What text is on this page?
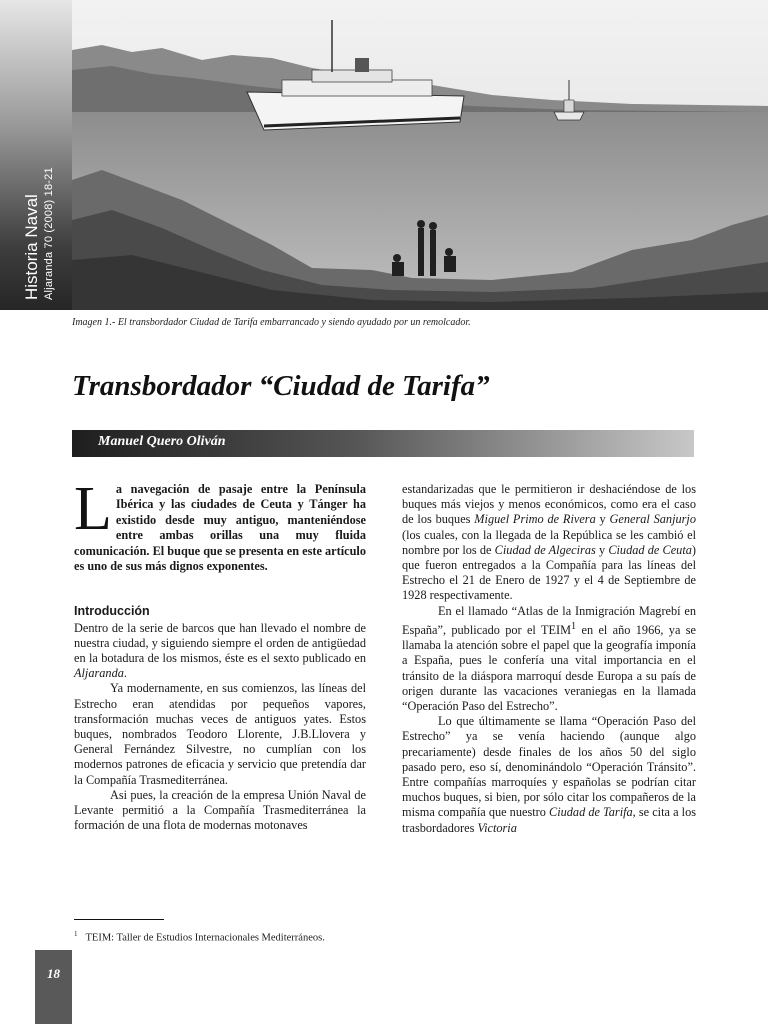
Historia Naval Aljaranda 70 (2008) 18-21
Imagen 1.- El transbordador Ciudad de Tarifa embarrancado y siendo ayudado por un remolcador.
Transbordador “Ciudad de Tarifa”
Manuel Quero Oliván

La navegación de pasaje entre la Península Ibérica y las ciudades de Ceuta y Tánger ha existido desde muy antiguo, manteniéndose entre ambas orillas una muy fluida comunicación. El buque que se presenta en este artículo es uno de sus más dignos exponentes.

Introducción

Dentro de la serie de barcos que han llevado el nombre de nuestra ciudad, y siguiendo siempre el orden de antigüedad en la botadura de los mismos, éste es el sexto publicado en Aljaranda.

Ya modernamente, en sus comienzos, las líneas del Estrecho eran atendidas por pequeños vapores, transformación muchas veces de antiguos yates. Estos buques, nombrados Teodoro Llorente, J.B.Llovera y General Fernández Silvestre, no cumplían con los modernos patrones de eficacia y servicio que pretendía dar la Compañía Trasmediterránea.

Asi pues, la creación de la empresa Unión Naval de Levante permitió a la Compañía Trasmediterránea la formación de una flota de modernas motonaves

estandarizadas que le permitieron ir deshaciéndose de los buques más viejos y menos económicos, como era el caso de los buques Miguel Primo de Rivera y General Sanjurjo (los cuales, con la llegada de la República se les cambió el nombre por los de Ciudad de Algeciras y Ciudad de Ceuta) que fueron entregados a la Compañía para las líneas del Estrecho el 21 de Enero de 1927 y el 4 de Septiembre de 1928 respectivamente.

En el llamado “Atlas de la Inmigración Magrebí en España”, publicado por el TEIM$^1$ en el año 1966, ya se llamaba la atención sobre el papel que la geografía imponía a España, pues le confería una vital importancia en el tránsito de la diáspora marroquí desde Europa a su país de origen durante las vacaciones veraniegas en la llamada “Operación Paso del Estrecho”.

Lo que últimamente se llama “Operación Paso del Estrecho” ya se venía haciendo (aunque algo precariamente) desde finales de los años 50 del siglo pasado pero, eso sí, denominándolo “Operación Tránsito”. Entre compañías marroquíes y españolas se podrían citar muchos buques, si bien, por sólo citar los compañeros de la misma compañía que nuestro Ciudad de Tarifa, se cita a los trasbordadores Victoria

$^1$ TEIM: Taller de Estudios Internacionales Mediterráneos.
18
